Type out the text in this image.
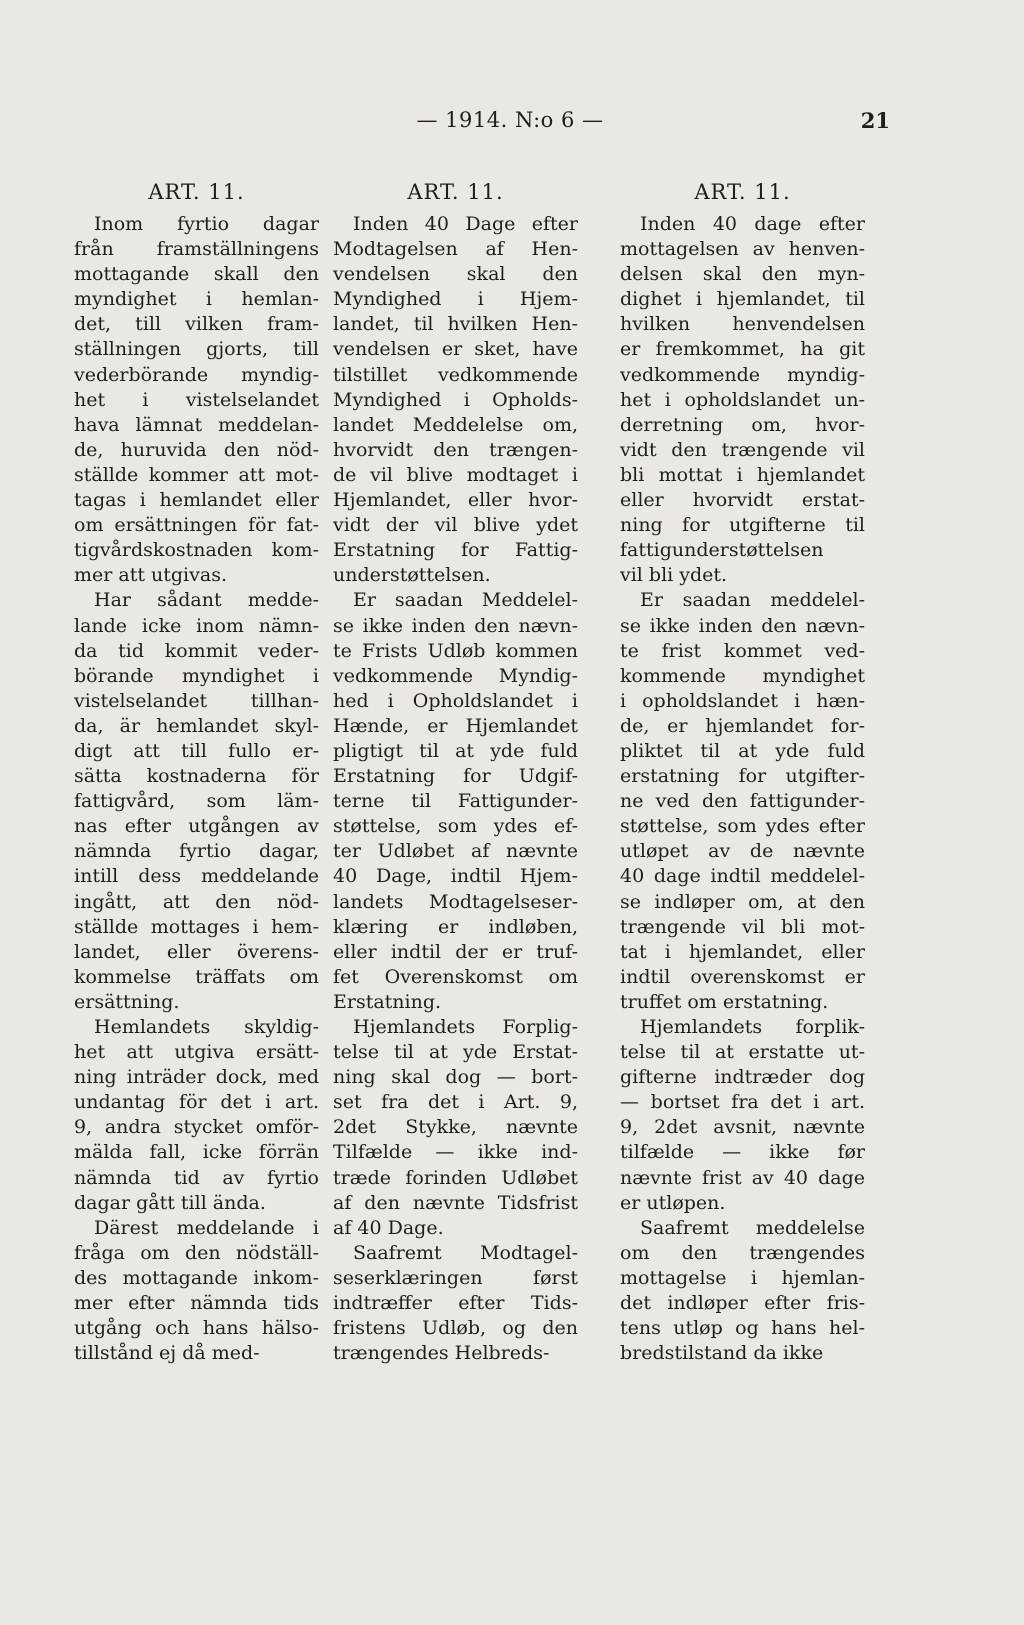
— 1914. N:o 6 —	21
ART. 11.
Inom fyrtio dagar
från framställningens
mottagande skall den
myndighet i hemlan-
det, till vilken fram-
ställningen gjorts, till
vederbörande myndig-
het i vistelselandet
hava lämnat meddelan-
de, huruvida den nöd-
ställde kommer att mot-
tagas i hemlandet eller
om ersättningen för fat-
tigvårdskostnaden kom-
mer att utgivas.
Har sådant medde-
lande icke inom nämn-
da tid kommit veder-
börande myndighet i
vistelselandet tillhan-
da, är hemlandet skyl-
digt att till fullo er-
sätta kostnaderna för
fattigvård, som läm-
nas efter utgången av
nämnda fyrtio dagar,
intill dess meddelande
ingått, att den nöd-
ställde mottages i hem-
landet, eller överens-
kommelse träffats om
ersättning.
Hemlandets skyldig-
het att utgiva ersätt-
ning inträder dock, med
undantag för det i art.
9, andra stycket omför-
mälda fall, icke förrän
nämnda tid av fyrtio
dagar gått till ända.
Därest meddelande i
fråga om den nödställ-
des mottagande inkom-
mer efter nämnda tids
utgång och hans hälso-
tillstånd ej då med-
ART. 11.
Inden 40 Dage efter
Modtagelsen af Hen-
vendelsen skal den
Myndighed i Hjem-
landet, til hvilken Hen-
vendelsen er sket, have
tilstillet vedkommende
Myndighed i Opholds-
landet Meddelelse om,
hvorvidt den trængen-
de vil blive modtaget i
Hjemlandet, eller hvor-
vidt der vil blive ydet
Erstatning for Fattig-
understøttelsen.
Er saadan Meddelel-
se ikke inden den nævn-
te Frists Udløb kommen
vedkommende Myndig-
hed i Opholdslandet i
Hænde, er Hjemlandet
pligtigt til at yde fuld
Erstatning for Udgif-
terne til Fattigunder-
støttelse, som ydes ef-
ter Udløbet af nævnte
40 Dage, indtil Hjem-
landets Modtagelseser-
klæring er indløben,
eller indtil der er truf-
fet Overenskomst om
Erstatning.
Hjemlandets Forplig-
telse til at yde Erstat-
ning skal dog — bort-
set fra det i Art. 9,
2det Stykke, nævnte
Tilfælde — ikke ind-
træde forinden Udløbet
af den nævnte Tidsfrist
af 40 Dage.
Saafremt Modtagel-
seserklæringen først
indtræffer efter Tids-
fristens Udløb, og den
trængendes Helbreds-
ART. 11.
Inden 40 dage efter
mottagelsen av henven-
delsen skal den myn-
dighet i hjemlandet, til
hvilken henvendelsen
er fremkommet, ha git
vedkommende myndig-
het i opholdslandet un-
derretning om, hvor-
vidt den trængende vil
bli mottat i hjemlandet
eller hvorvidt erstat-
ning for utgifterne til
fattigunderstøttelsen
vil bli ydet.
Er saadan meddelel-
se ikke inden den nævn-
te frist kommet ved-
kommende myndighet
i opholdslandet i hæn-
de, er hjemlandet for-
pliktet til at yde fuld
erstatning for utgifter-
ne ved den fattigunder-
støttelse, som ydes efter
utløpet av de nævnte
40 dage indtil meddelel-
se indløper om, at den
trængende vil bli mot-
tat i hjemlandet, eller
indtil overenskomst er
truffet om erstatning.
Hjemlandets forplik-
telse til at erstatte ut-
gifterne indtræder dog
— bortset fra det i art.
9, 2det avsnit, nævnte
tilfælde — ikke før
nævnte frist av 40 dage
er utløpen.
Saafremt meddelelse
om den trængendes
mottagelse i hjemlan-
det indløper efter fris-
tens utløp og hans hel-
bredstilstand da ikke
